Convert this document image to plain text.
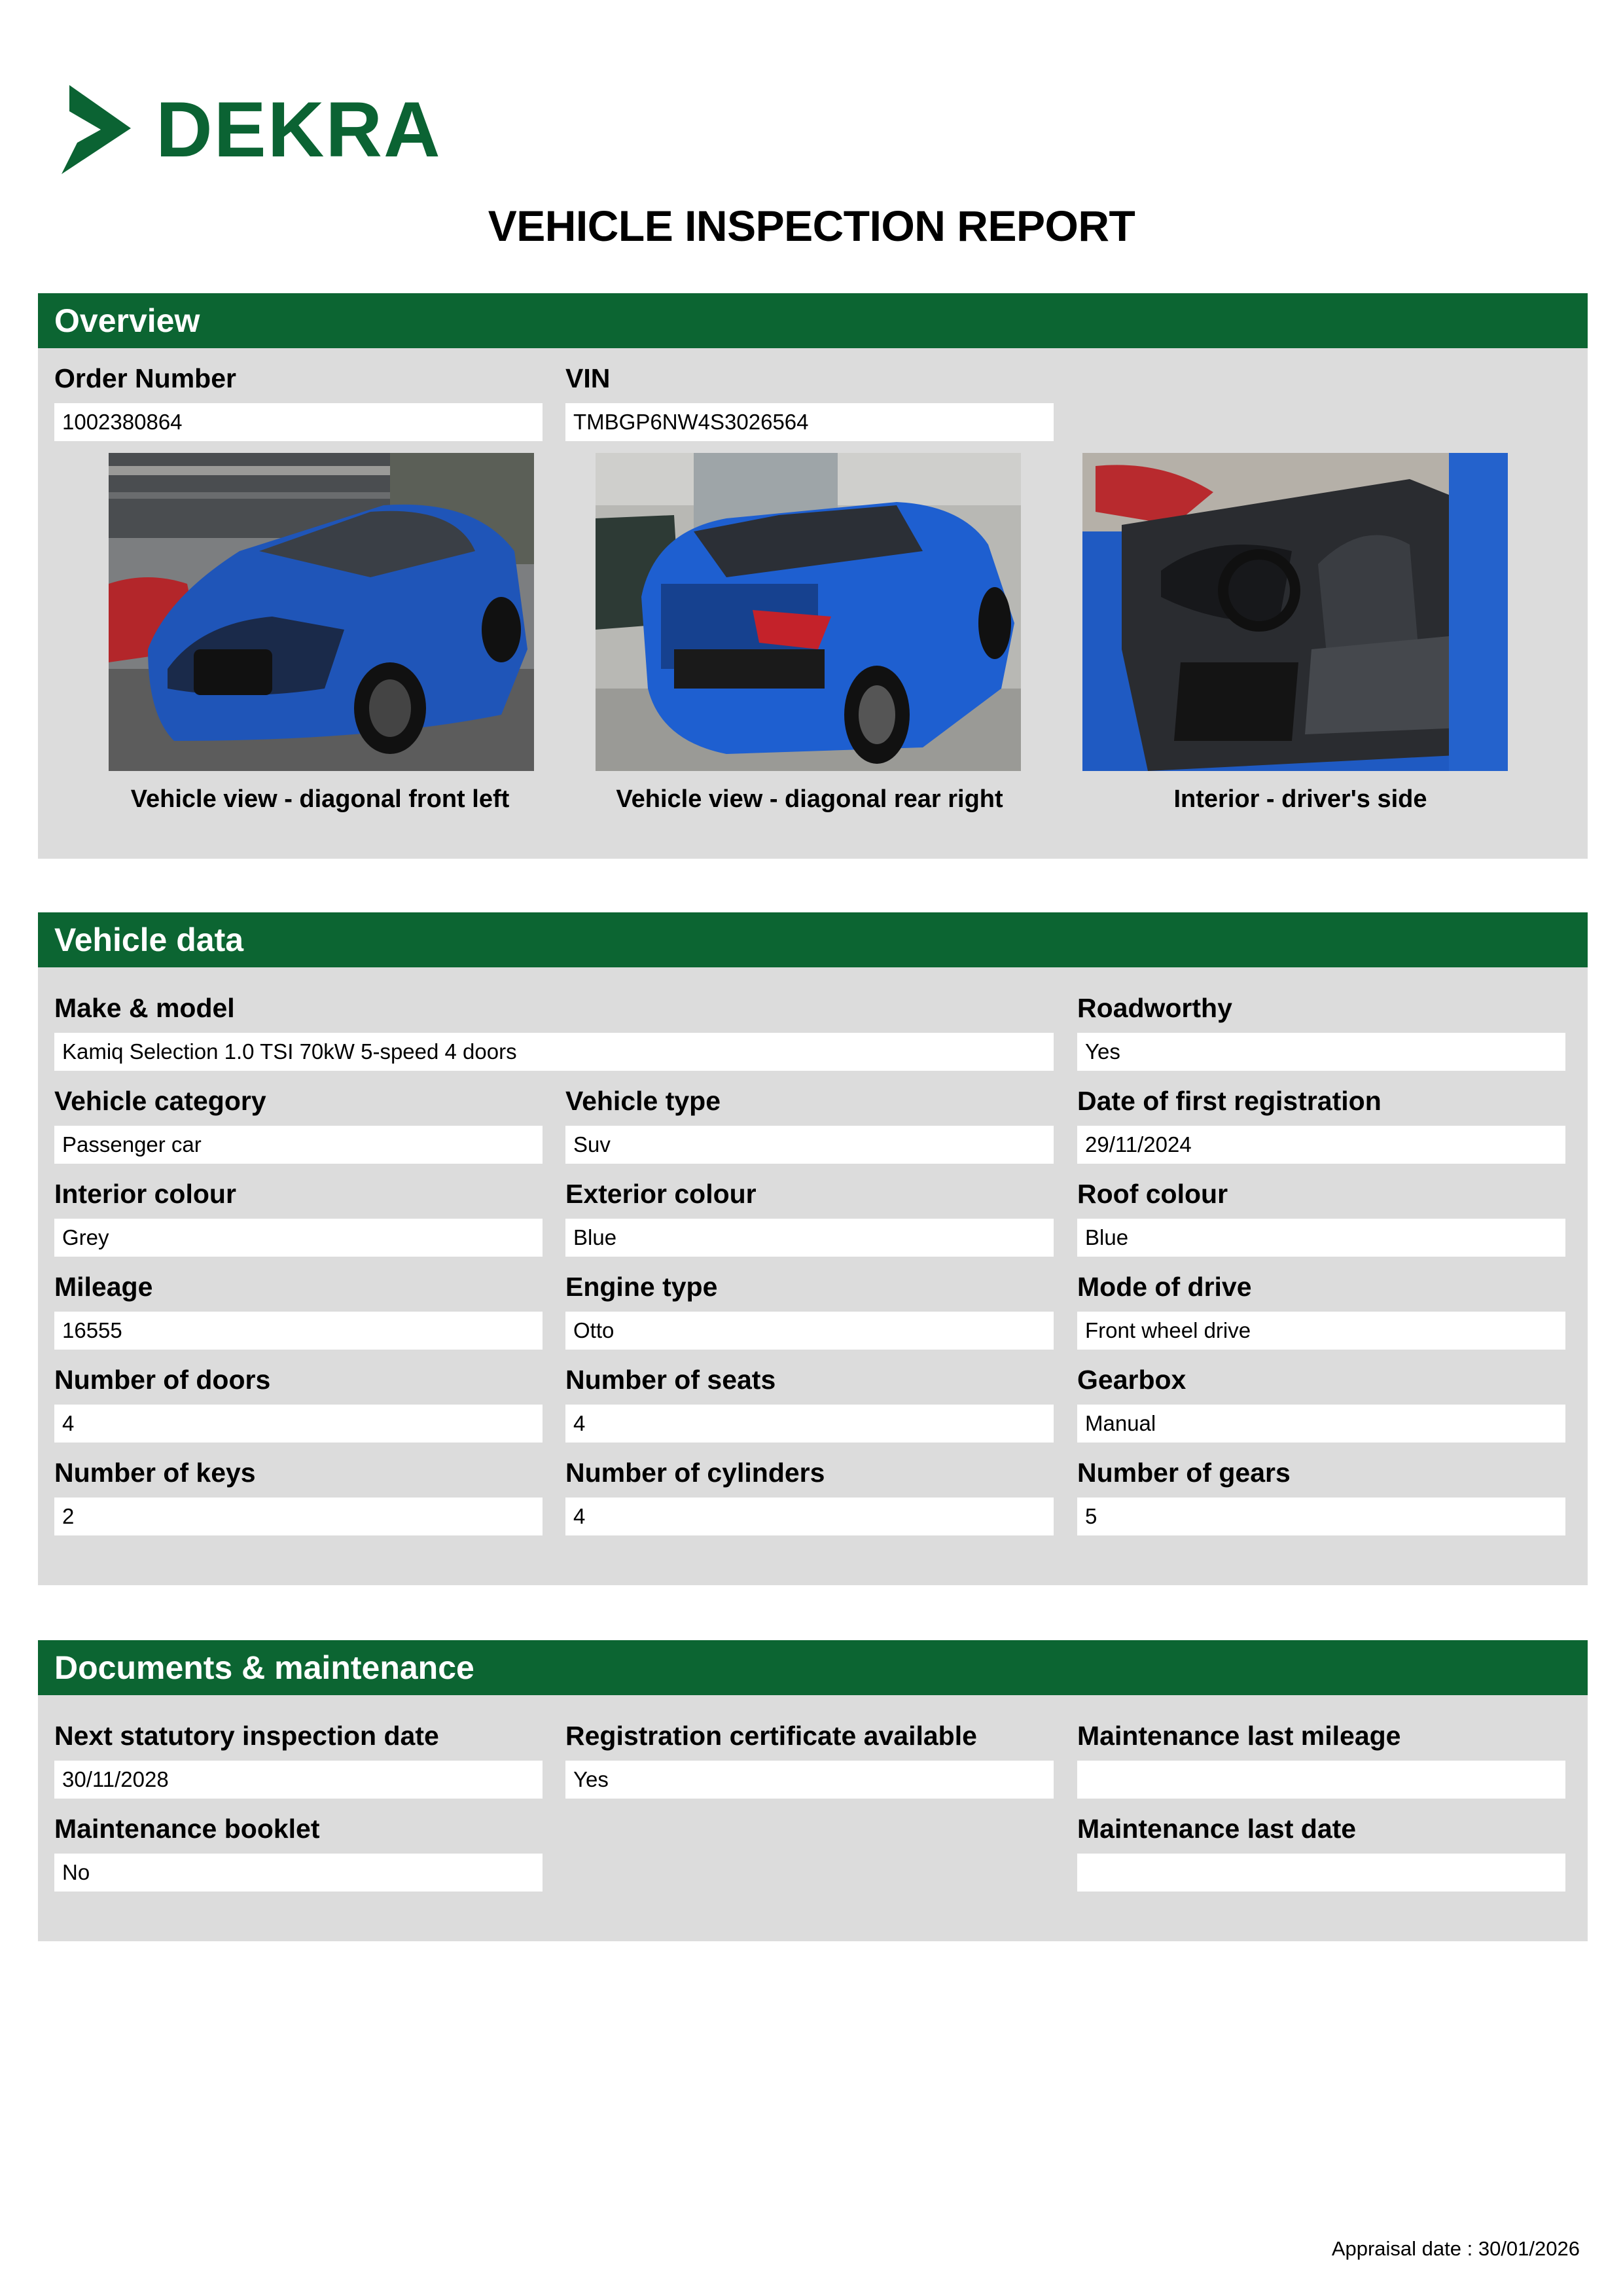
DEKRA
VEHICLE INSPECTION REPORT
Overview
Order Number
1002380864
VIN
TMBGP6NW4S3026564
Vehicle view - diagonal front left	Vehicle view - diagonal rear right	Interior - driver's side
Vehicle data
Make & model
Kamiq Selection 1.0 TSI 70kW 5-speed 4 doors
Roadworthy
Yes
Vehicle category
Passenger car
Vehicle type
Suv
Date of first registration
29/11/2024
Interior colour
Grey
Exterior colour
Blue
Roof colour
Blue
Mileage
16555
Engine type
Otto
Mode of drive
Front wheel drive
Number of doors
4
Number of seats
4
Gearbox
Manual
Number of keys
2
Number of cylinders
4
Number of gears
5
Documents & maintenance
Next statutory inspection date
30/11/2028
Registration certificate available
Yes
Maintenance last mileage
Maintenance booklet
No
Maintenance last date
Appraisal date : 30/01/2026
